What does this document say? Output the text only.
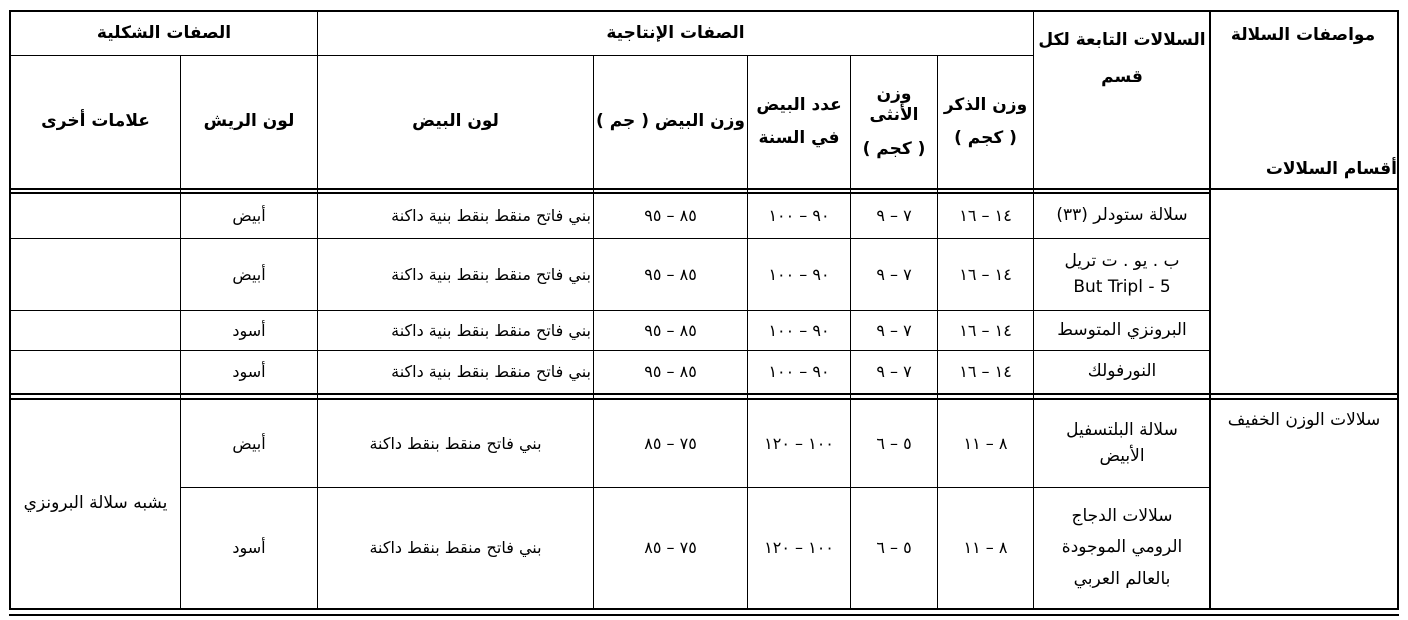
مواصفات السلالة
أقسام السلالات
السلالات التابعة لكل
قسم
الصفات الإنتاجية
الصفات الشكلية
وزن الذكر
( كجم )
وزن الأنثى
( كجم )
عدد البيض
في السنة
وزن البيض ( جم )
لون البيض
لون الريش
علامات أخرى
سلالات الوزن الخفيف
يشبه سلالة البرونزي
سلالة ستودلر (٣٣)
١٤ – ١٦
٧ – ٩
٩٠ – ١٠٠
٨٥ – ٩٥
بني فاتح منقط بنقط بنية داكنة
أبيض
ب . يو . ت تريل
But Tripl - 5
١٤ – ١٦
٧ – ٩
٩٠ – ١٠٠
٨٥ – ٩٥
بني فاتح منقط بنقط بنية داكنة
أبيض
البرونزي المتوسط
١٤ – ١٦
٧ – ٩
٩٠ – ١٠٠
٨٥ – ٩٥
بني فاتح منقط بنقط بنية داكنة
أسود
النورفولك
١٤ – ١٦
٧ – ٩
٩٠ – ١٠٠
٨٥ – ٩٥
بني فاتح منقط بنقط بنية داكنة
أسود
سلالة البلتسفيل
الأبيض
٨ – ١١
٥ – ٦
١٠٠ – ١٢٠
٧٥ – ٨٥
بني فاتح منقط بنقط داكنة
أبيض
سلالات الدجاج
الرومي الموجودة
بالعالم العربي
٨ – ١١
٥ – ٦
١٠٠ – ١٢٠
٧٥ – ٨٥
بني فاتح منقط بنقط داكنة
أسود
